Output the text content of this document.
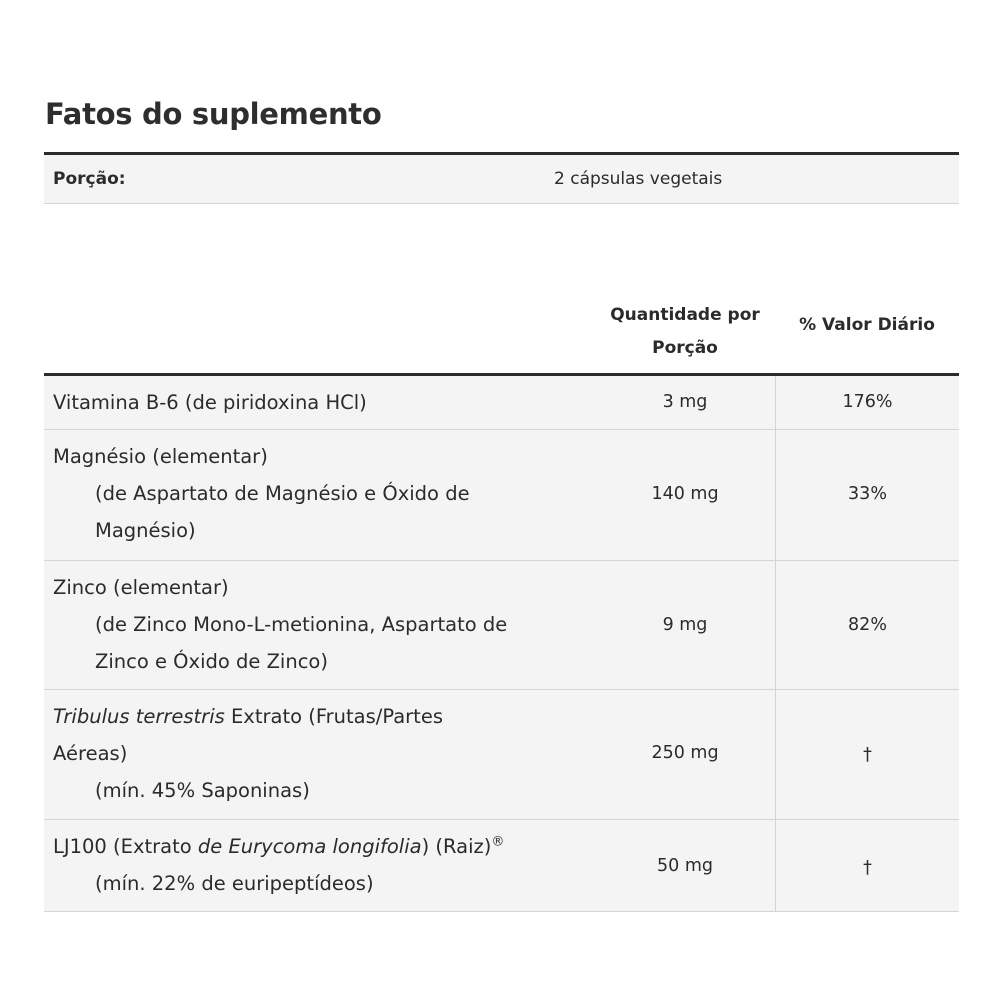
Fatos do suplemento
Porção:	2 cápsulas vegetais
Quantidade por
Porção
% Valor Diário
Vitamina B-6 (de piridoxina HCl)	3 mg	176%
Magnésio (elementar)
(de Aspartato de Magnésio e Óxido de
Magnésio)
140 mg	33%
Zinco (elementar)
(de Zinco Mono-L-metionina, Aspartato de
Zinco e Óxido de Zinco)
9 mg	82%
Tribulus terrestris Extrato (Frutas/Partes
Aéreas)
(mín. 45% Saponinas)
250 mg	†
LJ100 (Extrato de Eurycoma longifolia) (Raiz)®
(mín. 22% de euripeptídeos)
50 mg	†
